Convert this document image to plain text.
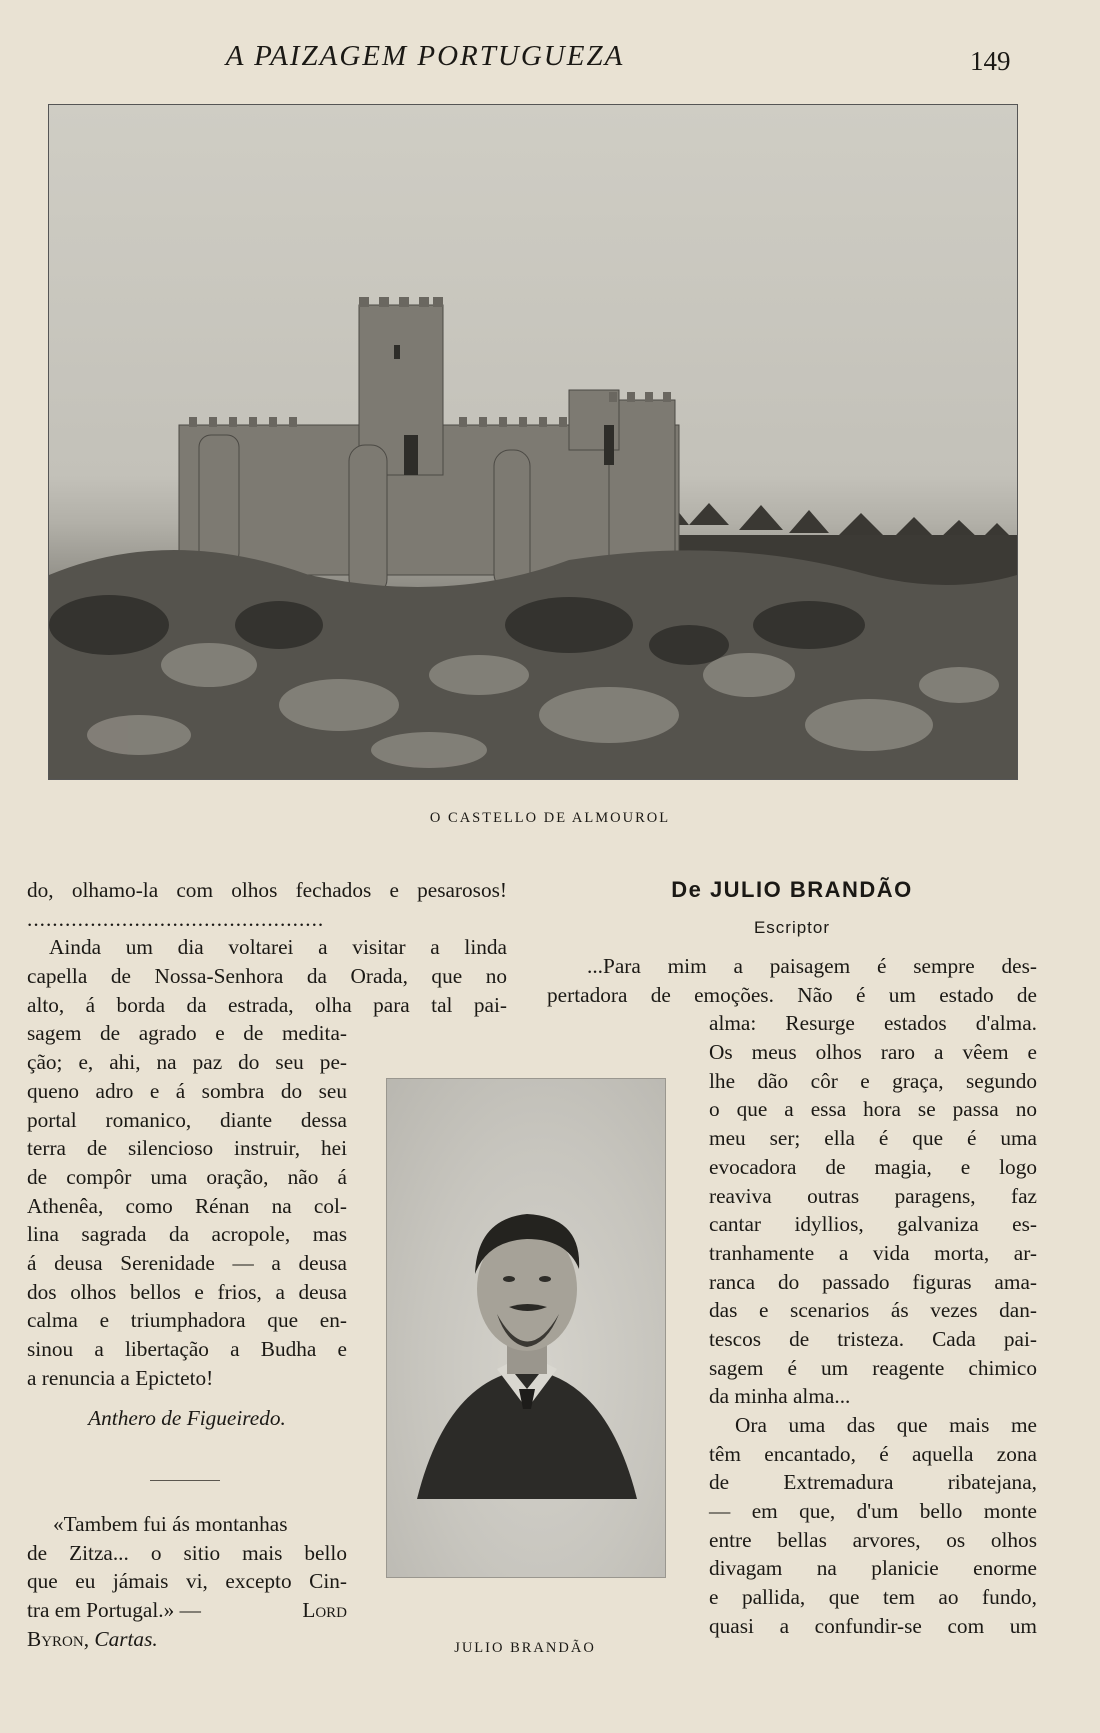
A PAIZAGEM PORTUGUEZA	149
O CASTELLO DE ALMOUROL
do, olhamo-la com olhos fechados e pesarosos!
...............................................
Ainda um dia voltarei a visitar a linda
capella de Nossa-Senhora da Orada, que no
alto, á borda da estrada, olha para tal pai-
sagem de agrado e de medita-
ção; e, ahi, na paz do seu pe-
queno adro e á sombra do seu
portal romanico, diante dessa
terra de silencioso instruir, hei
de compôr uma oração, não á
Athenêa, como Rénan na col-
lina sagrada da acropole, mas
á deusa Serenidade — a deusa
dos olhos bellos e frios, a deusa
calma e triumphadora que en-
sinou a libertação a Budha e
a renuncia a Epicteto!
Anthero de Figueiredo.
«Tambem fui ás montanhas
de Zitza... o sitio mais bello
que eu jámais vi, excepto Cin-
tra em Portugal.» —	Lord
Byron, Cartas.	JULIO BRANDÃO
De JULIO BRANDÃO
Escriptor
...Para mim a paisagem é sempre des-
pertadora de emoções. Não é um estado de
alma: Resurge estados d'alma.
Os meus olhos raro a vêem e
lhe dão côr e graça, segundo
o que a essa hora se passa no
meu ser; ella é que é uma
evocadora de magia, e logo
reaviva outras paragens, faz
cantar idyllios, galvaniza es-
tranhamente a vida morta, ar-
ranca do passado figuras ama-
das e scenarios ás vezes dan-
tescos de tristeza. Cada pai-
sagem é um reagente chimico
da minha alma...
Ora uma das que mais me
têm encantado, é aquella zona
de Extremadura ribatejana,
— em que, d'um bello monte
entre bellas arvores, os olhos
divagam na planicie enorme
e pallida, que tem ao fundo,
quasi a confundir-se com um
